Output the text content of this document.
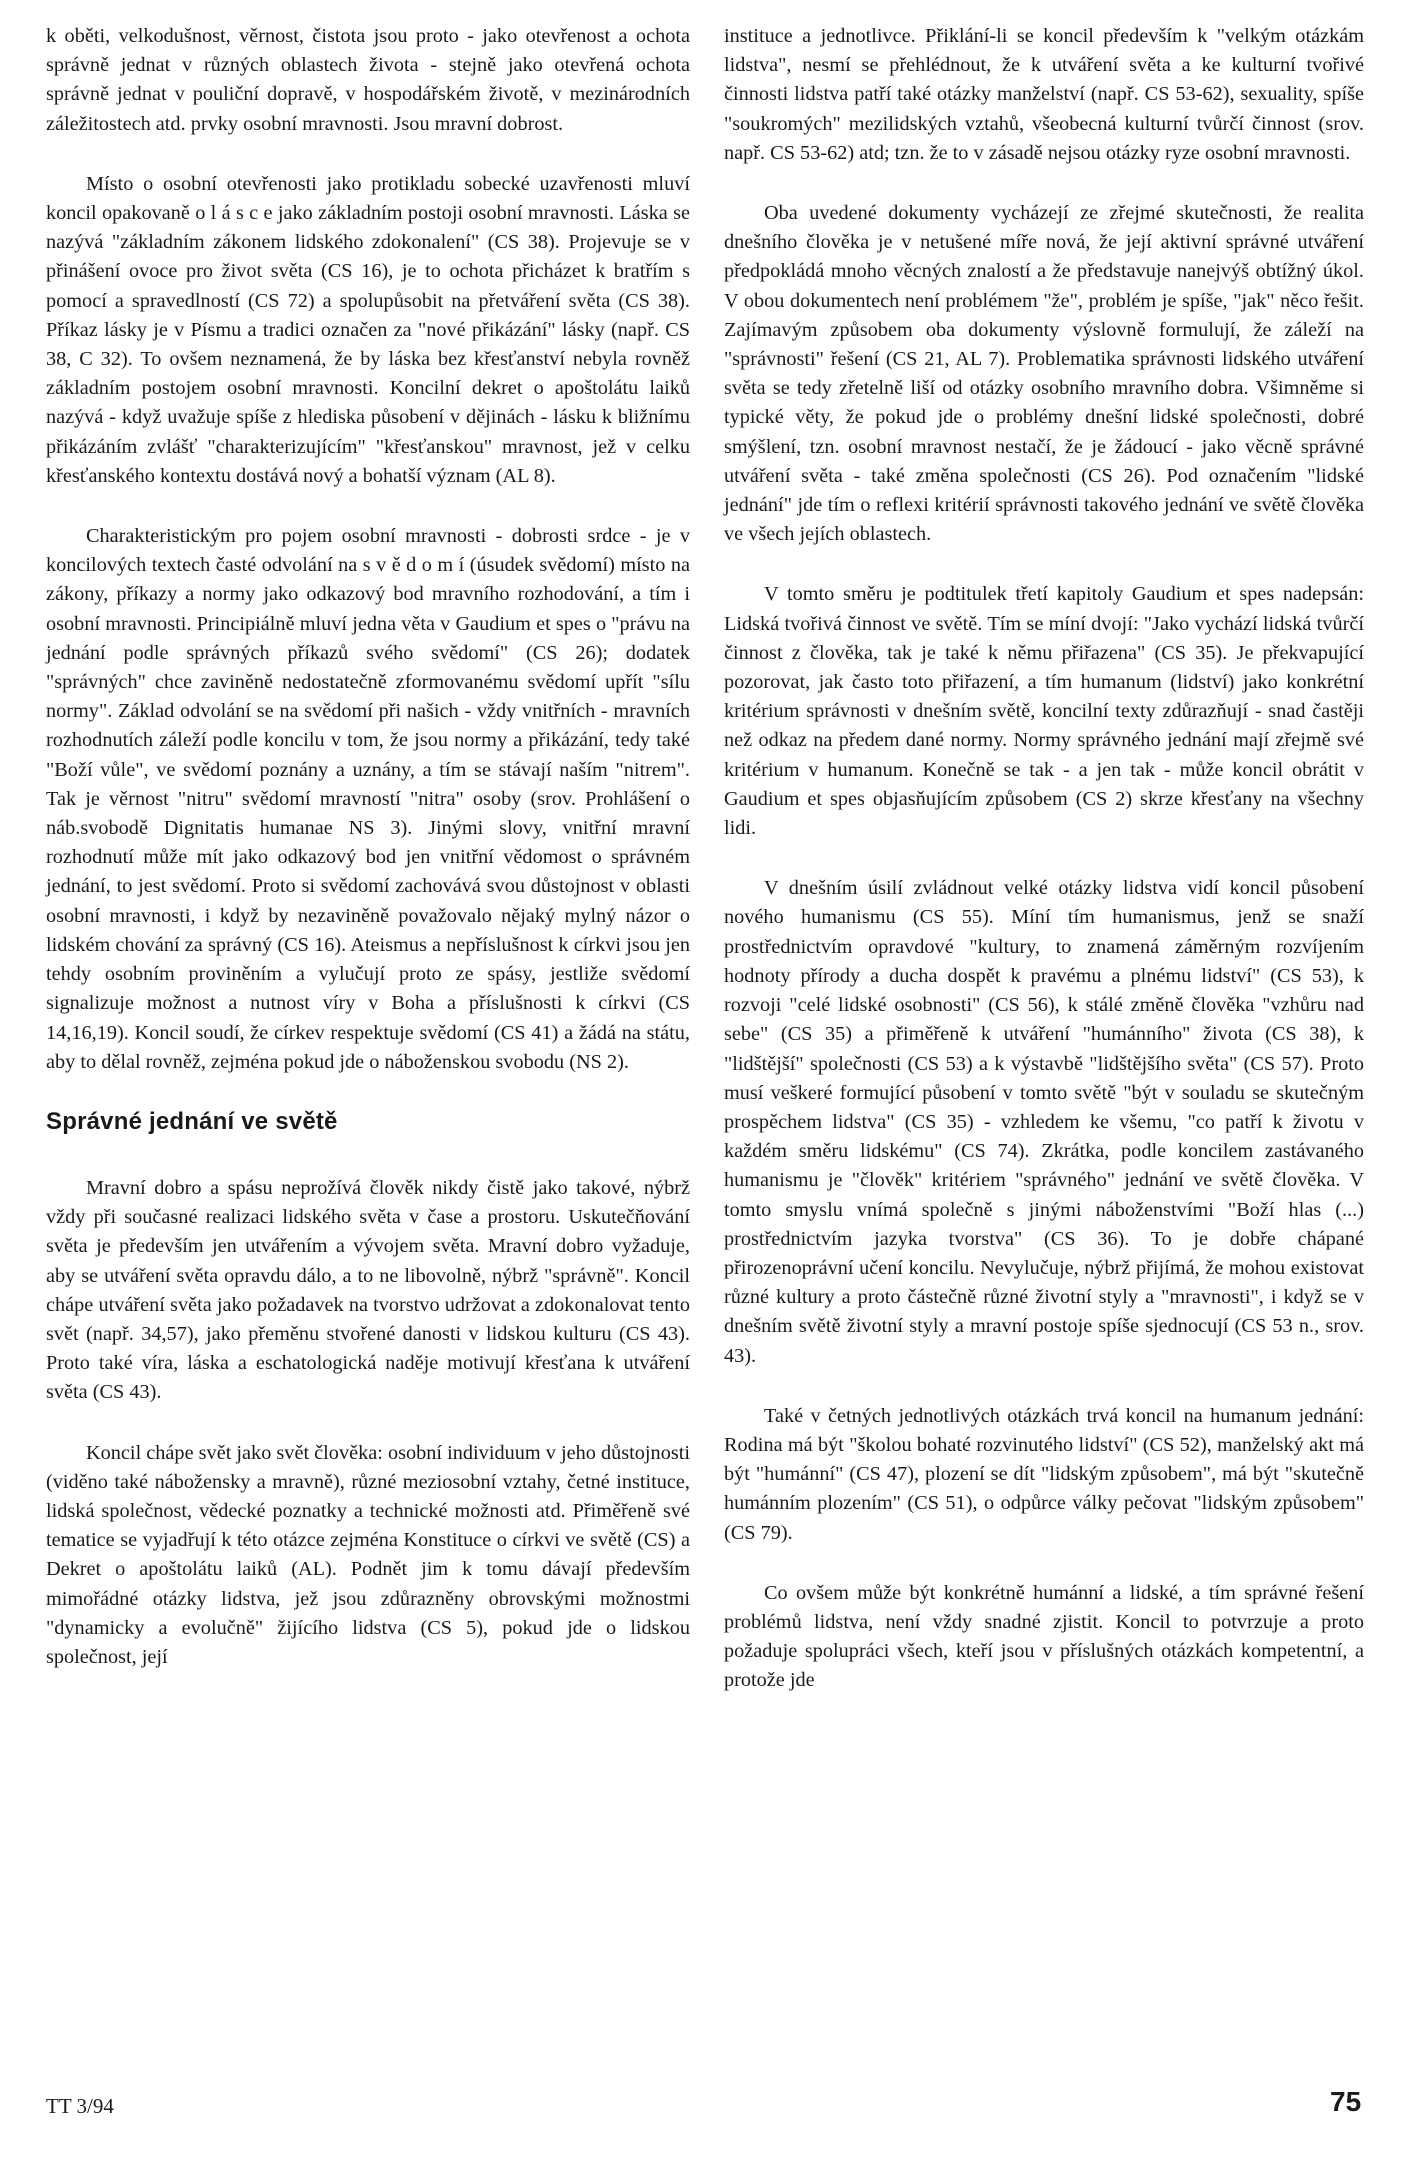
k oběti, velkodušnost, věrnost, čistota jsou proto - jako otevřenost a ochota správně jednat v různých oblastech života - stejně jako otevřená ochota správně jednat v pouliční dopravě, v hospodářském životě, v mezinárodních záležitostech atd. prvky osobní mravnosti. Jsou mravní dobrost.

Místo o osobní otevřenosti jako protikladu sobecké uzavřenosti mluví koncil opakovaně o l á s c e jako základním postoji osobní mravnosti. Láska se nazývá "základním zákonem lidského zdokonalení" (CS 38). Projevuje se v přinášení ovoce pro život světa (CS 16), je to ochota přicházet k bratřím s pomocí a spravedlností (CS 72) a spolupůsobit na přetváření světa (CS 38). Příkaz lásky je v Písmu a tradici označen za "nové přikázání" lásky (např. CS 38, C 32). To ovšem neznamená, že by láska bez křesťanství nebyla rovněž základním postojem osobní mravnosti. Koncilní dekret o apoštolátu laiků nazývá - když uvažuje spíše z hlediska působení v dějinách - lásku k bližnímu přikázáním zvlášť "charakterizujícím" "křesťanskou" mravnost, jež v celku křesťanského kontextu dostává nový a bohatší význam (AL 8).

Charakteristickým pro pojem osobní mravnosti - dobrosti srdce - je v koncilových textech časté odvolání na s v ě d o m í (úsudek svědomí) místo na zákony, příkazy a normy jako odkazový bod mravního rozhodování, a tím i osobní mravnosti. Principiálně mluví jedna věta v Gaudium et spes o "právu na jednání podle správných příkazů svého svědomí" (CS 26); dodatek "správných" chce zaviněně nedostatečně zformovanému svědomí upřít "sílu normy". Základ odvolání se na svědomí při našich - vždy vnitřních - mravních rozhodnutích záleží podle koncilu v tom, že jsou normy a přikázání, tedy také "Boží vůle", ve svědomí poznány a uznány, a tím se stávají naším "nitrem". Tak je věrnost "nitru" svědomí mravností "nitra" osoby (srov. Prohlášení o náb.svobodě Dignitatis humanae NS 3). Jinými slovy, vnitřní mravní rozhodnutí může mít jako odkazový bod jen vnitřní vědomost o správném jednání, to jest svědomí. Proto si svědomí zachovává svou důstojnost v oblasti osobní mravnosti, i když by nezaviněně považovalo nějaký mylný názor o lidském chování za správný (CS 16). Ateismus a nepříslušnost k církvi jsou jen tehdy osobním proviněním a vylučují proto ze spásy, jestliže svědomí signalizuje možnost a nutnost víry v Boha a příslušnosti k církvi (CS 14,16,19). Koncil soudí, že církev respektuje svědomí (CS 41) a žádá na státu, aby to dělal rovněž, zejména pokud jde o náboženskou svobodu (NS 2).

Správné jednání ve světě

Mravní dobro a spásu neprožívá člověk nikdy čistě jako takové, nýbrž vždy při současné realizaci lidského světa v čase a prostoru. Uskutečňování světa je především jen utvářením a vývojem světa. Mravní dobro vyžaduje, aby se utváření světa opravdu dálo, a to ne libovolně, nýbrž "správně". Koncil chápe utváření světa jako požadavek na tvorstvo udržovat a zdokonalovat tento svět (např. 34,57), jako přeměnu stvořené danosti v lidskou kulturu (CS 43). Proto také víra, láska a eschatologická naděje motivují křesťana k utváření světa (CS 43).

Koncil chápe svět jako svět člověka: osobní individuum v jeho důstojnosti (viděno také nábožensky a mravně), různé meziosobní vztahy, četné instituce, lidská společnost, vědecké poznatky a technické možnosti atd. Přiměřeně své tematice se vyjadřují k této otázce zejména Konstituce o církvi ve světě (CS) a Dekret o apoštolátu laiků (AL). Podnět jim k tomu dávají především mimořádné otázky lidstva, jež jsou zdůrazněny obrovskými možnostmi "dynamicky a evolučně" žijícího lidstva (CS 5), pokud jde o lidskou společnost, její

instituce a jednotlivce. Přiklání-li se koncil především k "velkým otázkám lidstva", nesmí se přehlédnout, že k utváření světa a ke kulturní tvořivé činnosti lidstva patří také otázky manželství (např. CS 53-62), sexuality, spíše "soukromých" mezilidských vztahů, všeobecná kulturní tvůrčí činnost (srov. např. CS 53-62) atd; tzn. že to v zásadě nejsou otázky ryze osobní mravnosti.

Oba uvedené dokumenty vycházejí ze zřejmé skutečnosti, že realita dnešního člověka je v netušené míře nová, že její aktivní správné utváření předpokládá mnoho věcných znalostí a že představuje nanejvýš obtížný úkol. V obou dokumentech není problémem "že", problém je spíše, "jak" něco řešit. Zajímavým způsobem oba dokumenty výslovně formulují, že záleží na "správnosti" řešení (CS 21, AL 7). Problematika správnosti lidského utváření světa se tedy zřetelně liší od otázky osobního mravního dobra. Všimněme si typické věty, že pokud jde o problémy dnešní lidské společnosti, dobré smýšlení, tzn. osobní mravnost nestačí, že je žádoucí - jako věcně správné utváření světa - také změna společnosti (CS 26). Pod označením "lidské jednání" jde tím o reflexi kritérií správnosti takového jednání ve světě člověka ve všech jejích oblastech.

V tomto směru je podtitulek třetí kapitoly Gaudium et spes nadepsán: Lidská tvořivá činnost ve světě. Tím se míní dvojí: "Jako vychází lidská tvůrčí činnost z člověka, tak je také k němu přiřazena" (CS 35). Je překvapující pozorovat, jak často toto přiřazení, a tím humanum (lidství) jako konkrétní kritérium správnosti v dnešním světě, koncilní texty zdůrazňují - snad častěji než odkaz na předem dané normy. Normy správného jednání mají zřejmě své kritérium v humanum. Konečně se tak - a jen tak - může koncil obrátit v Gaudium et spes objasňujícím způsobem (CS 2) skrze křesťany na všechny lidi.

V dnešním úsilí zvládnout velké otázky lidstva vidí koncil působení nového humanismu (CS 55). Míní tím humanismus, jenž se snaží prostřednictvím opravdové "kultury, to znamená záměrným rozvíjením hodnoty přírody a ducha dospět k pravému a plnému lidství" (CS 53), k rozvoji "celé lidské osobnosti" (CS 56), k stálé změně člověka "vzhůru nad sebe" (CS 35) a přiměřeně k utváření "humánního" života (CS 38), k "lidštější" společnosti (CS 53) a k výstavbě "lidštějšího světa" (CS 57). Proto musí veškeré formující působení v tomto světě "být v souladu se skutečným prospěchem lidstva" (CS 35) - vzhledem ke všemu, "co patří k životu v každém směru lidskému" (CS 74). Zkrátka, podle koncilem zastávaného humanismu je "člověk" kritériem "správného" jednání ve světě člověka. V tomto smyslu vnímá společně s jinými náboženstvími "Boží hlas (...) prostřednictvím jazyka tvorstva" (CS 36). To je dobře chápané přirozenoprávní učení koncilu. Nevylučuje, nýbrž přijímá, že mohou existovat různé kultury a proto částečně různé životní styly a "mravnosti", i když se v dnešním světě životní styly a mravní postoje spíše sjednocují (CS 53 n., srov. 43).

Také v četných jednotlivých otázkách trvá koncil na humanum jednání: Rodina má být "školou bohaté rozvinutého lidství" (CS 52), manželský akt má být "humánní" (CS 47), plození se dít "lidským způsobem", má být "skutečně humánním plozením" (CS 51), o odpůrce války pečovat "lidským způsobem" (CS 79).

Co ovšem může být konkrétně humánní a lidské, a tím správné řešení problémů lidstva, není vždy snadné zjistit. Koncil to potvrzuje a proto požaduje spolupráci všech, kteří jsou v příslušných otázkách kompetentní, a protože jde

TT 3/94	75
